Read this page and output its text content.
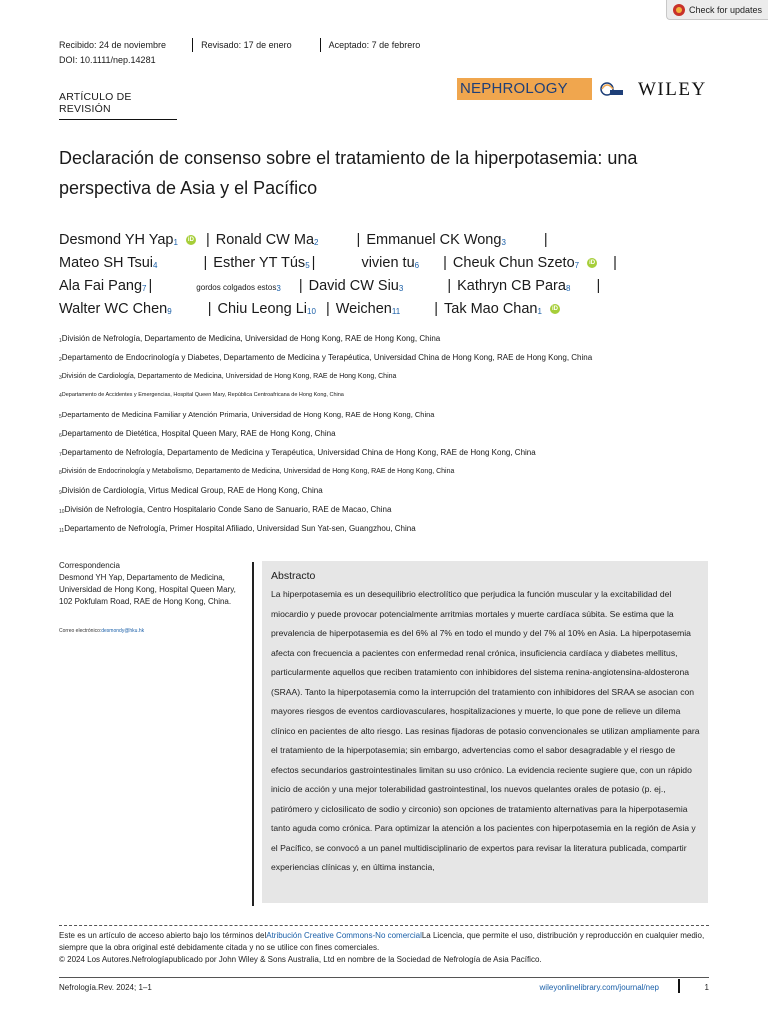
Check for updates
Recibido: 24 de noviembre	Revisado: 17 de enero	Aceptado: 7 de febrero
DOI: 10.1111/nep.14281
ARTÍCULO DE REVISIÓN
NEPHROLOGY	WILEY
Declaración de consenso sobre el tratamiento de la hiperpotasemia: una perspectiva de Asia y el Pacífico
Desmond YH Yap$^1$ iD | Ronald CW Ma$^2$	| Emmanuel CK Wong$^3$	|
Mateo SH Tsui$^4$	| Esther YT Tús$^5$ |	vivien $tu^6$ | Cheuk Chun Szeto$^7$ iD |
Ala Fai Pang$^7$ |	gordos colgados estos$^3$ | David CW Siu$^3$	| Kathryn CB Para$^8$ |
Walter WC Chen$^9$ | Chiu Leong Li$^{10}$ | Weichen$^{11}$ | Tak Mao Chan$^1$ iD
$^1$División de Nefrología, Departamento de Medicina, Universidad de Hong Kong, RAE de Hong Kong, China
$^2$Departamento de Endocrinología y Diabetes, Departamento de Medicina y Terapéutica, Universidad China de Hong Kong, RAE de Hong Kong, China
$^3$División de Cardiología, Departamento de Medicina, Universidad de Hong Kong, RAE de Hong Kong, China
$^4$Departamento de Accidentes y Emergencias, Hospital Queen Mary, República Centroafricana de Hong Kong, China
$^5$Departamento de Medicina Familiar y Atención Primaria, Universidad de Hong Kong, RAE de Hong Kong, China
$^6$Departamento de Dietética, Hospital Queen Mary, RAE de Hong Kong, China
$^7$Departamento de Nefrología, Departamento de Medicina y Terapéutica, Universidad China de Hong Kong, RAE de Hong Kong, China
$^8$División de Endocrinología y Metabolismo, Departamento de Medicina, Universidad de Hong Kong, RAE de Hong Kong, China
$^9$División de Cardiología, Virtus Medical Group, RAE de Hong Kong, China
$^{10}$División de Nefrología, Centro Hospitalario Conde Sano de Sanuario, RAE de Macao, China
$^{11}$Departamento de Nefrología, Primer Hospital Afiliado, Universidad Sun Yat-sen, Guangzhou, China
Correspondencia
Desmond YH Yap, Departamento de Medicina, Universidad de Hong Kong, Hospital Queen Mary, 102 Pokfulam Road, RAE de Hong Kong, China.
Correo electrónico:desmondy@hku.hk
Abstracto

La hiperpotasemia es un desequilibrio electrolítico que perjudica la función muscular y la excitabilidad del miocardio y puede provocar potencialmente arritmias mortales y muerte cardíaca súbita. Se estima que la prevalencia de hiperpotasemia es del 6% al 7% en todo el mundo y del 7% al 10% en Asia. La hiperpotasemia afecta con frecuencia a pacientes con enfermedad renal crónica, insuficiencia cardíaca y diabetes mellitus, particularmente aquellos que reciben tratamiento con inhibidores del sistema renina-angiotensina-aldosterona (SRAA). Tanto la hiperpotasemia como la interrupción del tratamiento con inhibidores del SRAA se asocian con mayores riesgos de eventos cardiovasculares, hospitalizaciones y muerte, lo que pone de relieve un dilema clínico en pacientes de alto riesgo. Las resinas fijadoras de potasio convencionales se utilizan ampliamente para el tratamiento de la hiperpotasemia; sin embargo, advertencias como el sabor desagradable y el riesgo de efectos secundarios gastrointestinales limitan su uso crónico. La evidencia reciente sugiere que, con un rápido inicio de acción y una mejor tolerabilidad gastrointestinal, los nuevos quelantes orales de potasio (p. ej., patirómero y ciclosilicato de sodio y circonio) son opciones de tratamiento alternativas para la hiperpotasemia tanto aguda como crónica. Para optimizar la atención a los pacientes con hiperpotasemia en la región de Asia y el Pacífico, se convocó a un panel multidisciplinario de expertos para revisar la literatura publicada, compartir experiencias clínicas y, en última instancia,

Este es un artículo de acceso abierto bajo los términos delAtribución Creative Commons-No comercialLa Licencia, que permite el uso, distribución y reproducción en cualquier medio, siempre que la obra original esté debidamente citada y no se utilice con fines comerciales.
© 2024 Los Autores.Nefrologíapublicado por John Wiley & Sons Australia, Ltd en nombre de la Sociedad de Nefrología de Asia Pacífico.
Nefrología.Rev. 2024; 1–1	wileyonlinelibrary.com/journal/nep	1
